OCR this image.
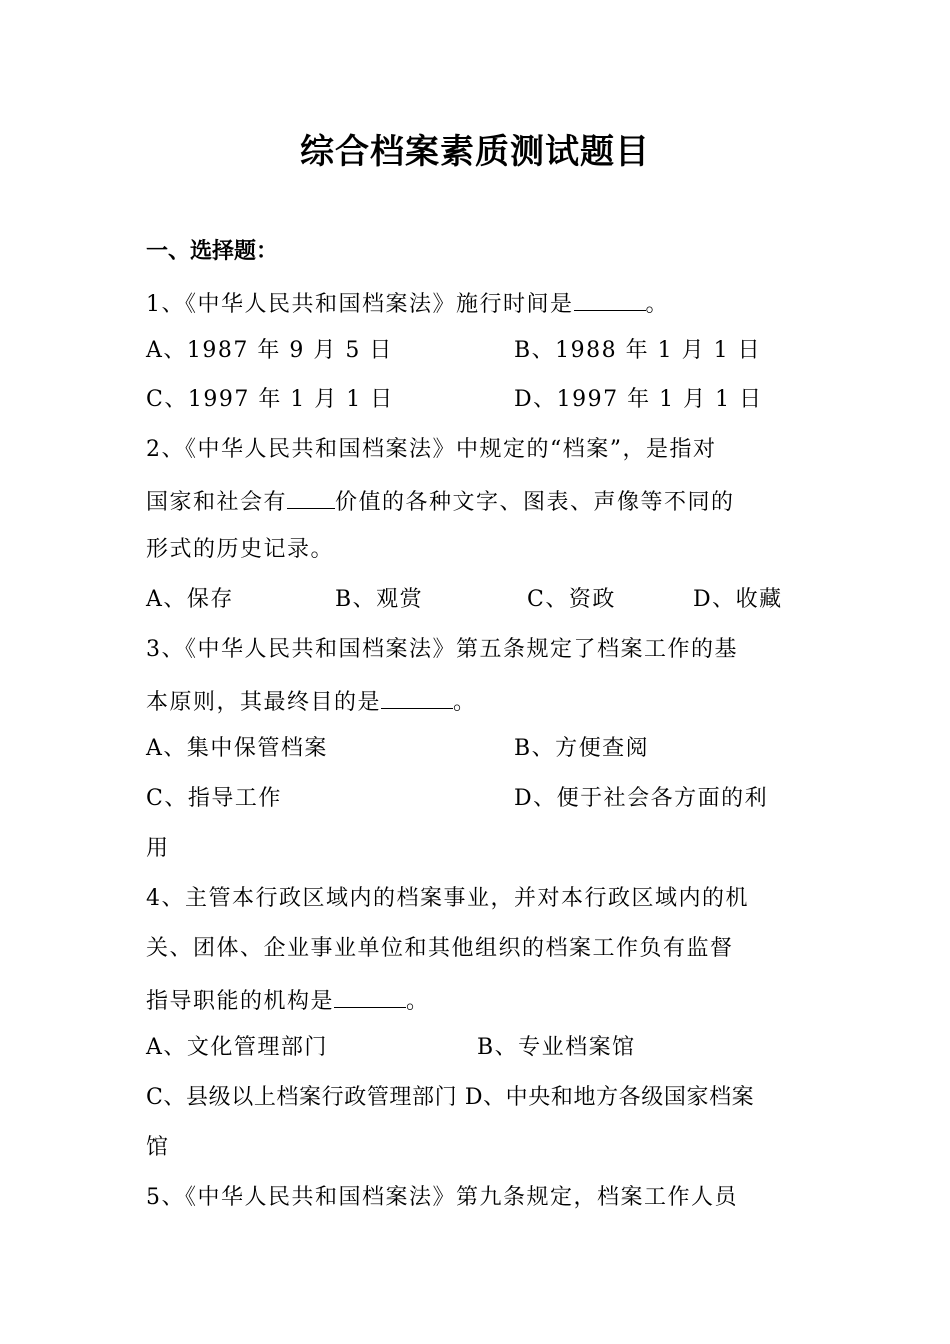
综合档案素质测试题目
一、选择题：
1、《中华人民共和国档案法》施行时间是	。
A、1987 年 9 月 5 日	B、1988 年 1 月 1 日
C、1997 年 1 月 1 日	D、1997 年 1 月 1 日
2、《中华人民共和国档案法》中规定的“档案”，是指对
国家和社会有 价值的各种文字、图表、声像等不同的
形式的历史记录。
A、保存	B、观赏	C、资政	D、收藏
3、《中华人民共和国档案法》第五条规定了档案工作的基
本原则，其最终目的是	。
A、集中保管档案	B、方便查阅
C、指导工作	D、便于社会各方面的利
用
4、主管本行政区域内的档案事业，并对本行政区域内的机
关、团体、企业事业单位和其他组织的档案工作负有监督
指导职能的机构是	。
A、文化管理部门	B、专业档案馆
C、县级以上档案行政管理部门 D、中央和地方各级国家档案
馆
5、《中华人民共和国档案法》第九条规定，档案工作人员
